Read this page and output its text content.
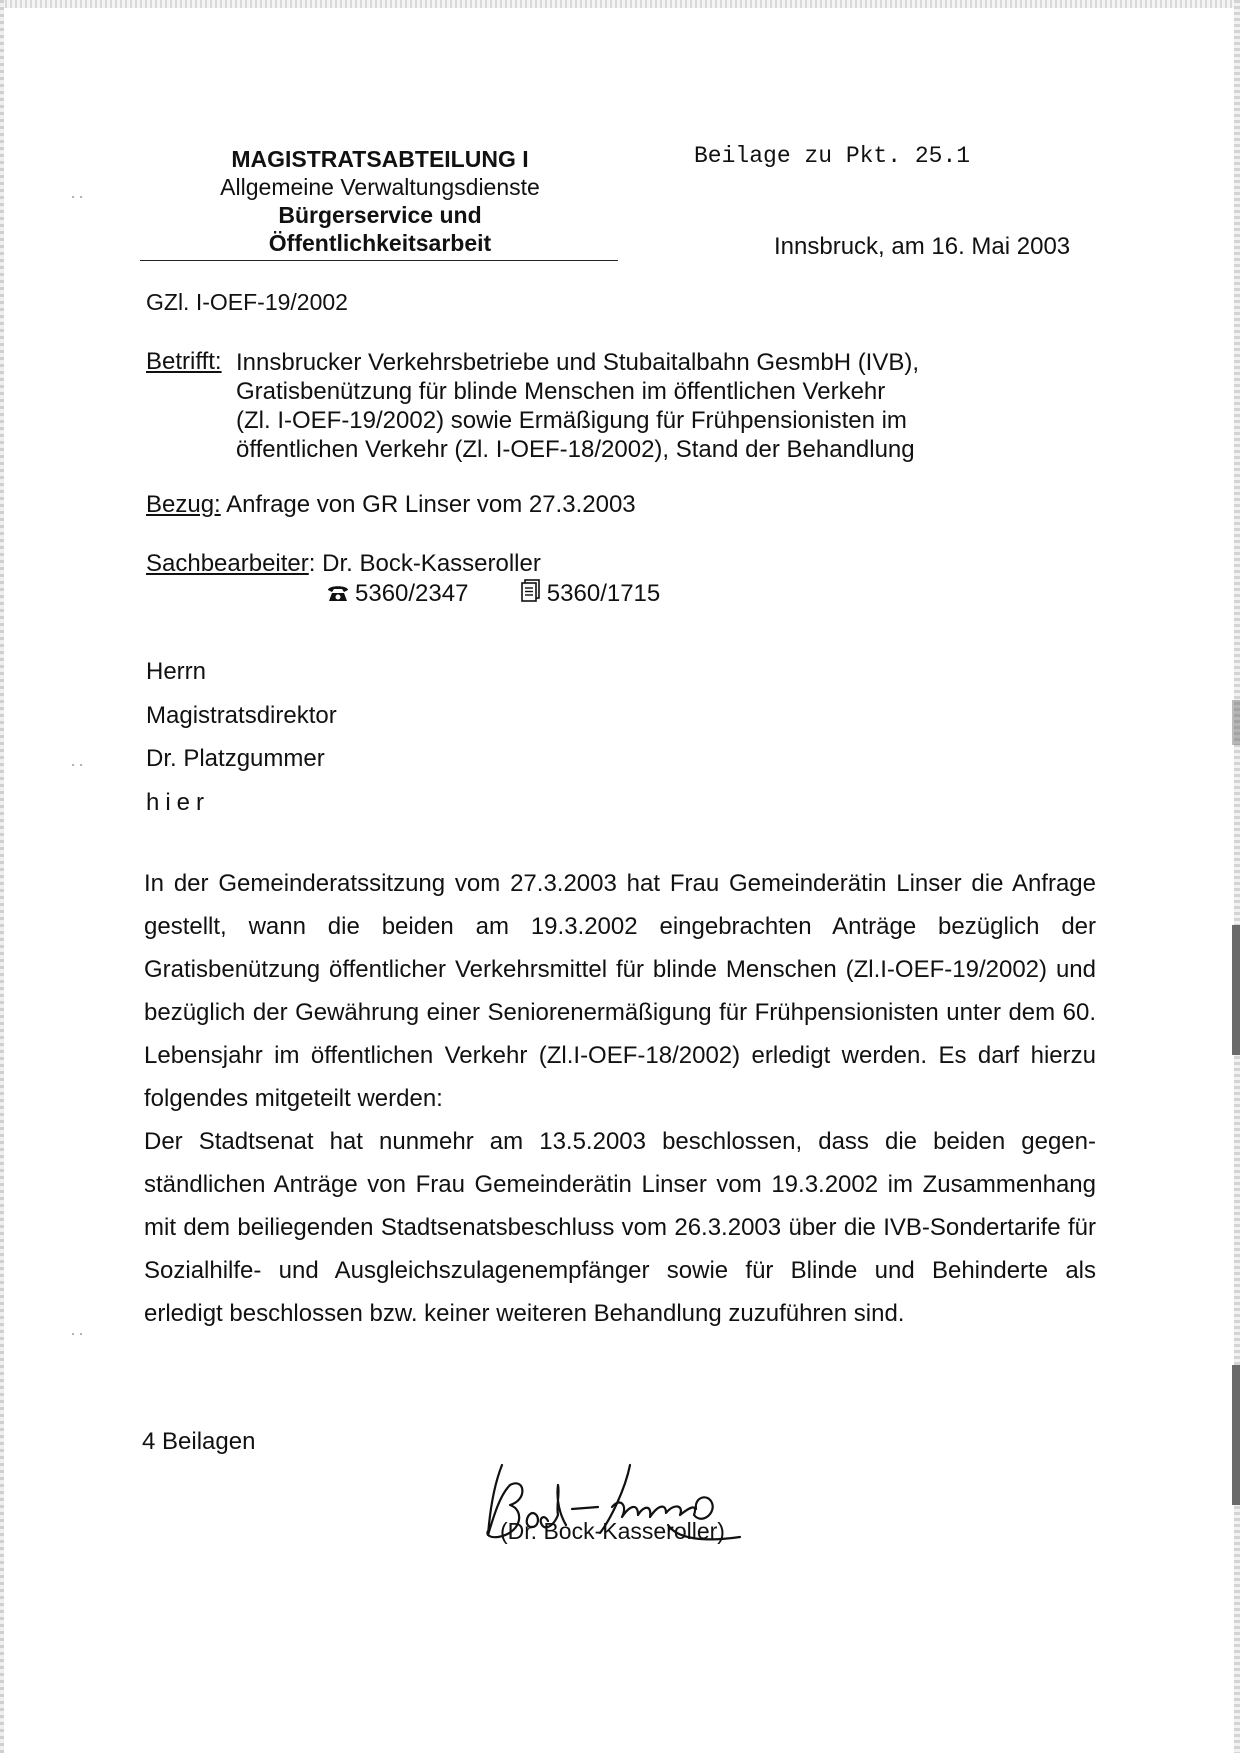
MAGISTRATSABTEILUNG I
Allgemeine Verwaltungsdienste
Bürgerservice und
Öffentlichkeitsarbeit
Beilage zu Pkt. 25.1
Innsbruck, am 16. Mai 2003
GZl. I-OEF-19/2002
Betrifft: Innsbrucker Verkehrsbetriebe und Stubaitalbahn GesmbH (IVB),
Gratisbenützung für blinde Menschen im öffentlichen Verkehr
(Zl. I-OEF-19/2002) sowie Ermäßigung für Frühpensionisten im
öffentlichen Verkehr (Zl. I-OEF-18/2002), Stand der Behandlung
Bezug: Anfrage von GR Linser vom 27.3.2003
Sachbearbeiter: Dr. Bock-Kasseroller
5360/2347	5360/1715
Herrn
Magistratsdirektor
Dr. Platzgummer
hier

In der Gemeinderatssitzung vom 27.3.2003 hat Frau Gemeinderätin Linser die Anfrage gestellt, wann die beiden am 19.3.2002 eingebrachten Anträge bezüglich der Gratisbenützung öffentlicher Verkehrsmittel für blinde Menschen (Zl.I-OEF-19/2002) und bezüglich der Gewährung einer Seniorenermäßigung für Frühpensionisten unter dem 60. Lebensjahr im öffentlichen Verkehr (Zl.I-OEF-18/2002) erledigt werden. Es darf hierzu folgendes mitgeteilt werden:

Der Stadtsenat hat nunmehr am 13.5.2003 beschlossen, dass die beiden gegenständlichen Anträge von Frau Gemeinderätin Linser vom 19.3.2002 im Zusammenhang mit dem beiliegenden Stadtsenatsbeschluss vom 26.3.2003 über die IVB-Sondertarife für Sozialhilfe- und Ausgleichszulagenempfänger sowie für Blinde und Behinderte als erledigt beschlossen bzw. keiner weiteren Behandlung zuzuführen sind.

4 Beilagen
(Dr. Bock-Kasseroller)
